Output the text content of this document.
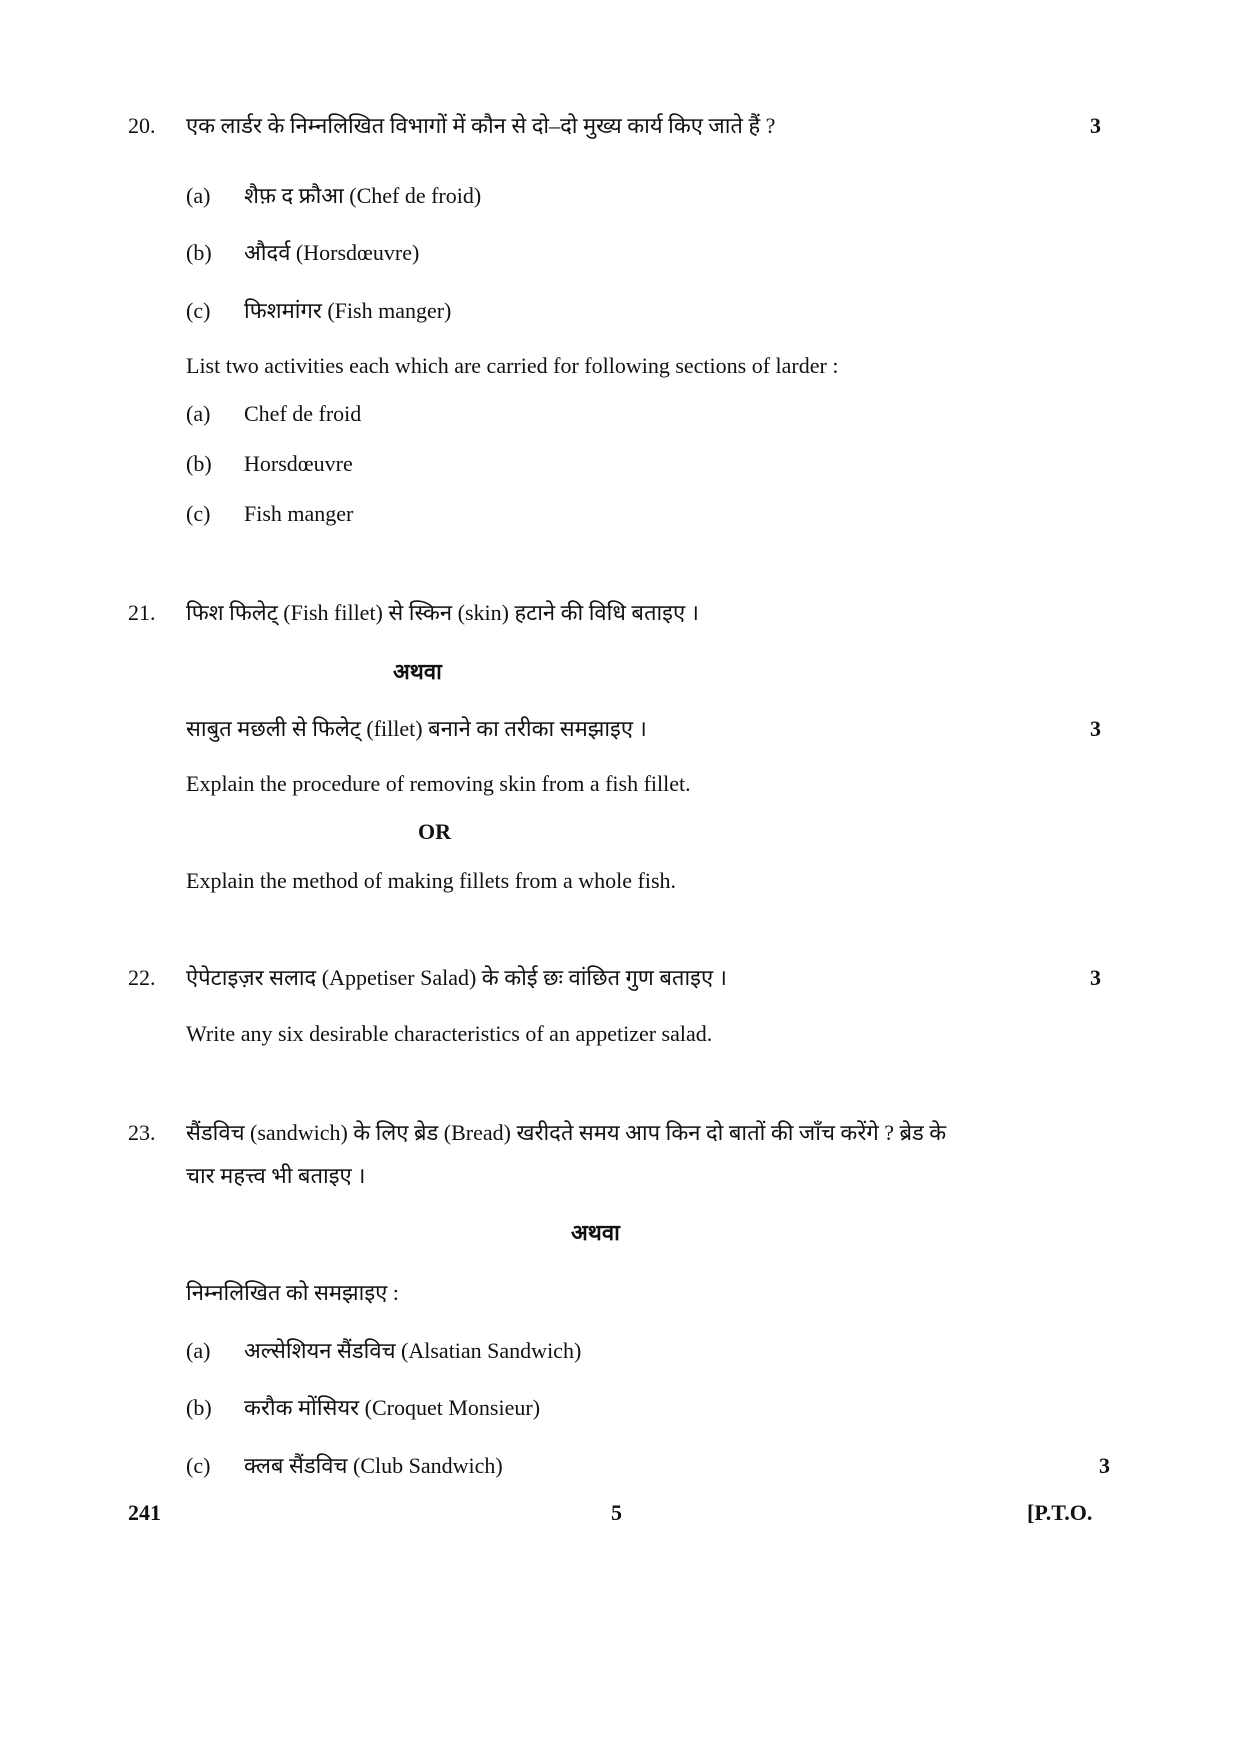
20. एक लार्डर के निम्नलिखित विभागों में कौन से दो–दो मुख्य कार्य किए जाते हैं ?	3
(a) शैफ़ द फ्रौआ (Chef de froid)
(b) औदर्व (Horsdœuvre)
(c) फिशमांगर (Fish manger)
List two activities each which are carried for following sections of larder :
(a) Chef de froid
(b) Horsdœuvre
(c) Fish manger
21. फिश फिलेट् (Fish fillet) से स्किन (skin) हटाने की विधि बताइए ।
अथवा
साबुत मछली से फिलेट् (fillet) बनाने का तरीका समझाइए ।	3
Explain the procedure of removing skin from a fish fillet.
OR
Explain the method of making fillets from a whole fish.
22. ऐपेटाइज़र सलाद (Appetiser Salad) के कोई छः वांछित गुण बताइए ।	3
Write any six desirable characteristics of an appetizer salad.
23. सैंडविच (sandwich) के लिए ब्रेड (Bread) खरीदते समय आप किन दो बातों की जाँच करेंगे ? ब्रेड के
चार महत्त्व भी बताइए ।
अथवा
निम्नलिखित को समझाइए :
(a) अल्सेशियन सैंडविच (Alsatian Sandwich)
(b) करौक मोंसियर (Croquet Monsieur)
(c) क्लब सैंडविच (Club Sandwich)	3
241	5	[P.T.O.
